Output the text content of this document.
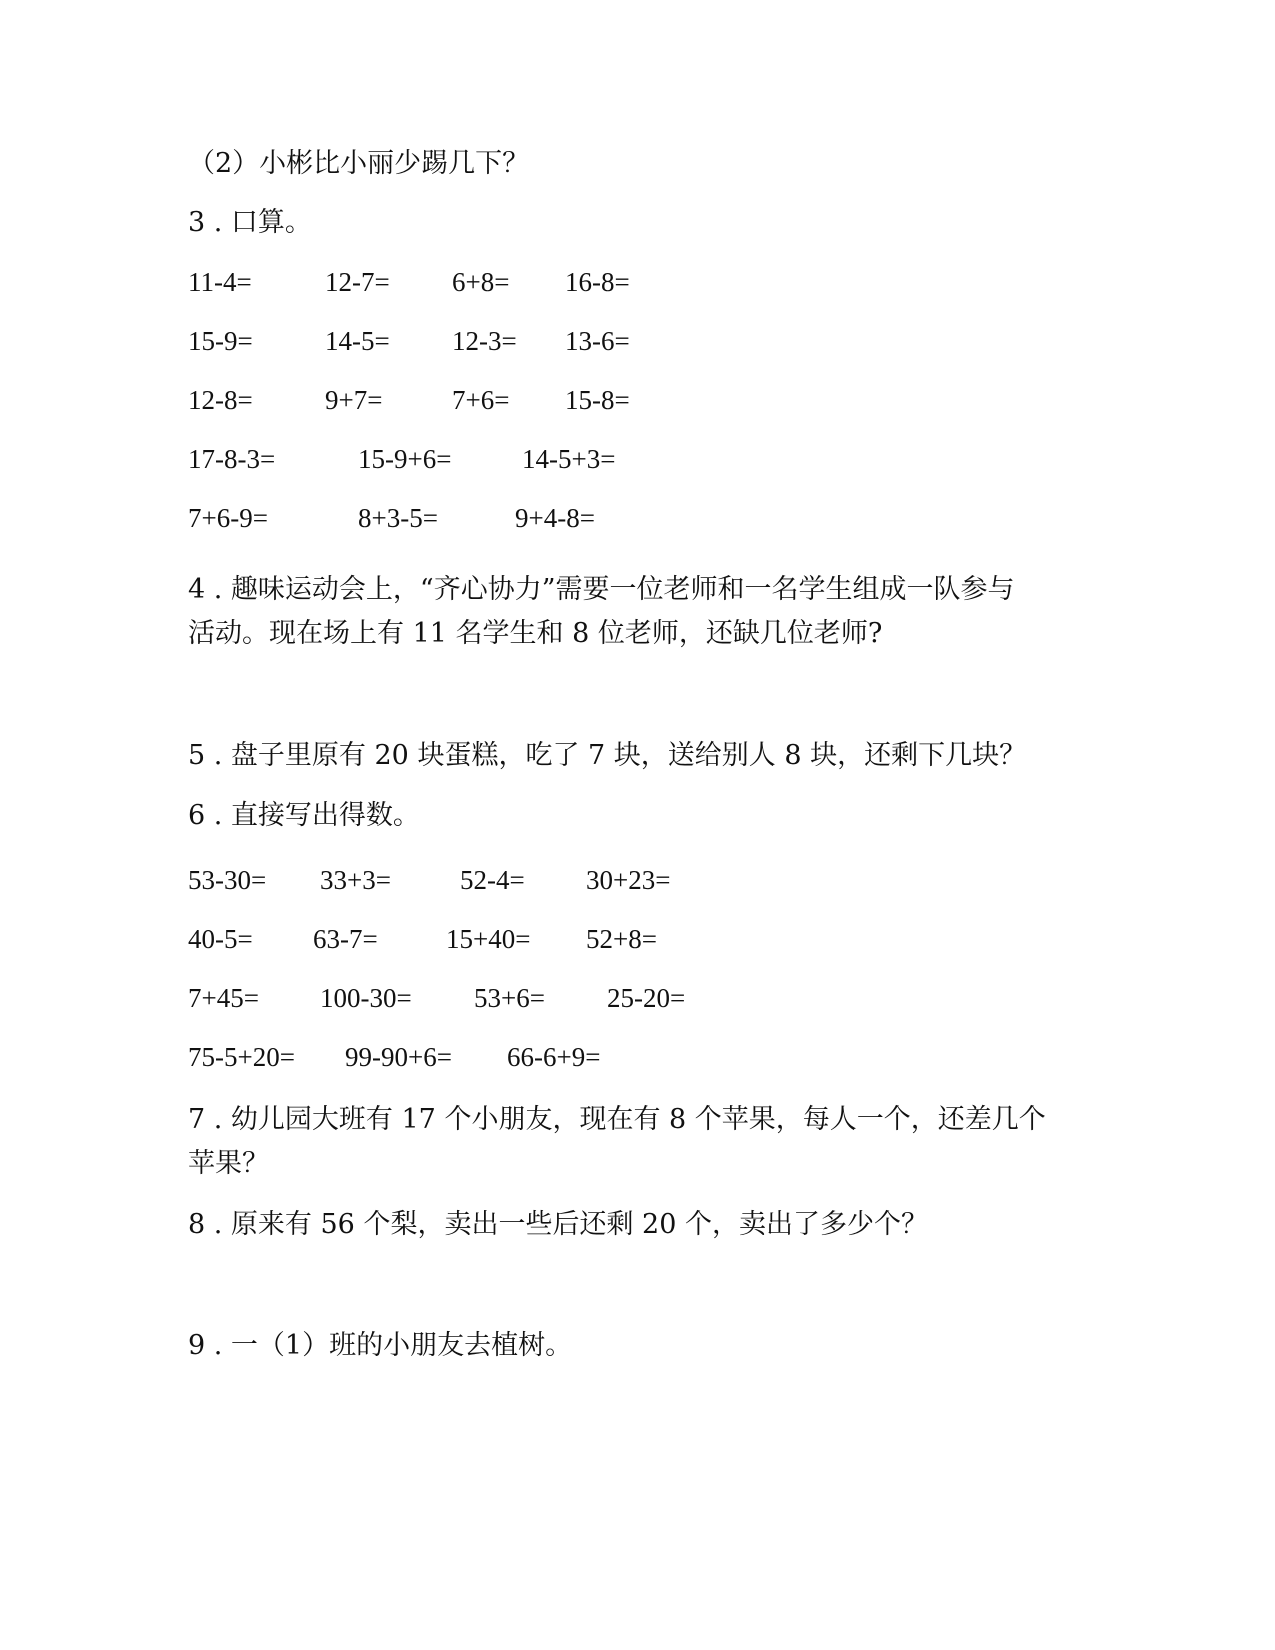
（2）小彬比小丽少踢几下？
3 . 口算。
11-4=	12-7= 6+8= 16-8=
15-9=	14-5= 12-3= 13-6=
12-8=	9+7=	7+6= 15-8=
17-8-3=	15-9+6=	14-5+3=
7+6-9=	8+3-5=	9+4-8=
4 . 趣味运动会上，“齐心协力”需要一位老师和一名学生组成一队参与
活动。现在场上有 11 名学生和 8 位老师，还缺几位老师?
5 . 盘子里原有 20 块蛋糕，吃了 7 块，送给别人 8 块，还剩下几块？
6 . 直接写出得数。
53-30= 33+3=	52-4= 30+23=
40-5= 63-7=	15+40= 52+8=
7+45= 100-30= 53+6= 25-20=
75-5+20= 99-90+6= 66-6+9=
7 . 幼儿园大班有 17 个小朋友，现在有 8 个苹果，每人一个，还差几个
苹果？
8 . 原来有 56 个梨，卖出一些后还剩 20 个，卖出了多少个？
9 . 一（1）班的小朋友去植树。
